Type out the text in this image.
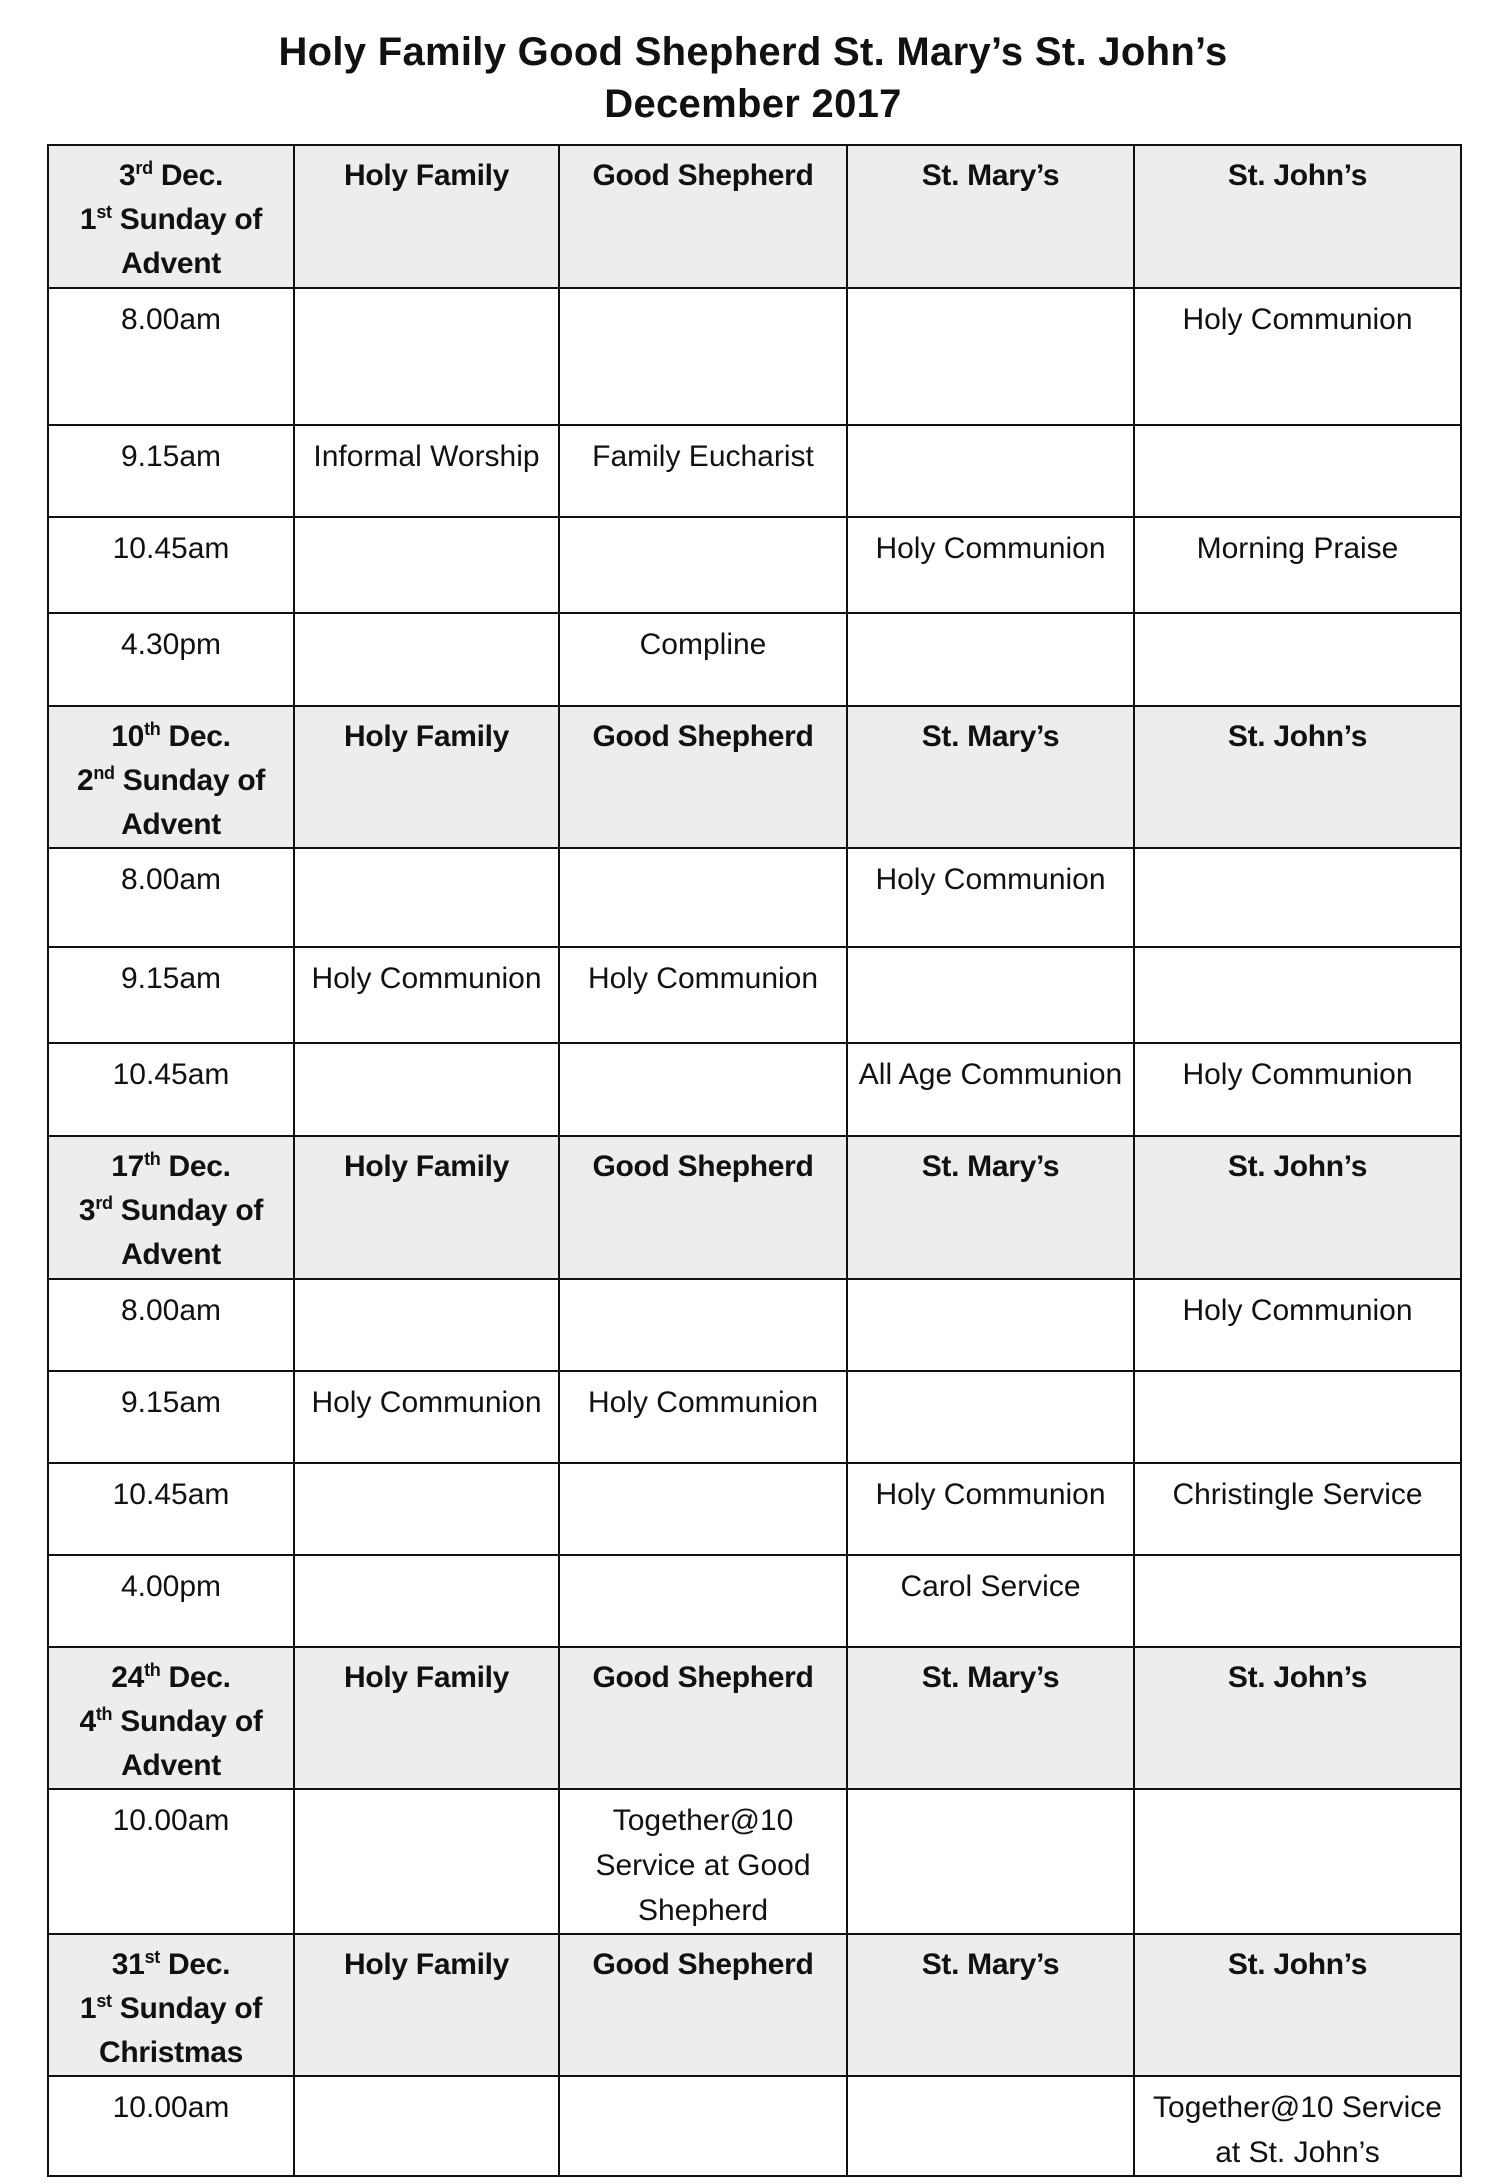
Holy Family Good Shepherd St. Mary’s St. John’s
December 2017
3rd Dec.
1st Sunday of
Advent	Holy Family	Good Shepherd	St. Mary’s	St. John’s
8.00am				Holy Communion
9.15am	Informal Worship	Family Eucharist		
10.45am			Holy Communion	Morning Praise
4.30pm		Compline		

10th Dec.
2nd Sunday of
Advent	Holy Family	Good Shepherd	St. Mary’s	St. John’s
8.00am			Holy Communion	
9.15am	Holy Communion	Holy Communion		
10.45am			All Age Communion	Holy Communion

17th Dec.
3rd Sunday of
Advent	Holy Family	Good Shepherd	St. Mary’s	St. John’s
8.00am				Holy Communion
9.15am	Holy Communion	Holy Communion		
10.45am			Holy Communion	Christingle Service
4.00pm			Carol Service	

24th Dec.
4th Sunday of
Advent	Holy Family	Good Shepherd	St. Mary’s	St. John’s
10.00am		Together@10 Service at Good Shepherd		

31st Dec.
1st Sunday of
Christmas	Holy Family	Good Shepherd	St. Mary’s	St. John’s
10.00am				Together@10 Service at St. John’s
